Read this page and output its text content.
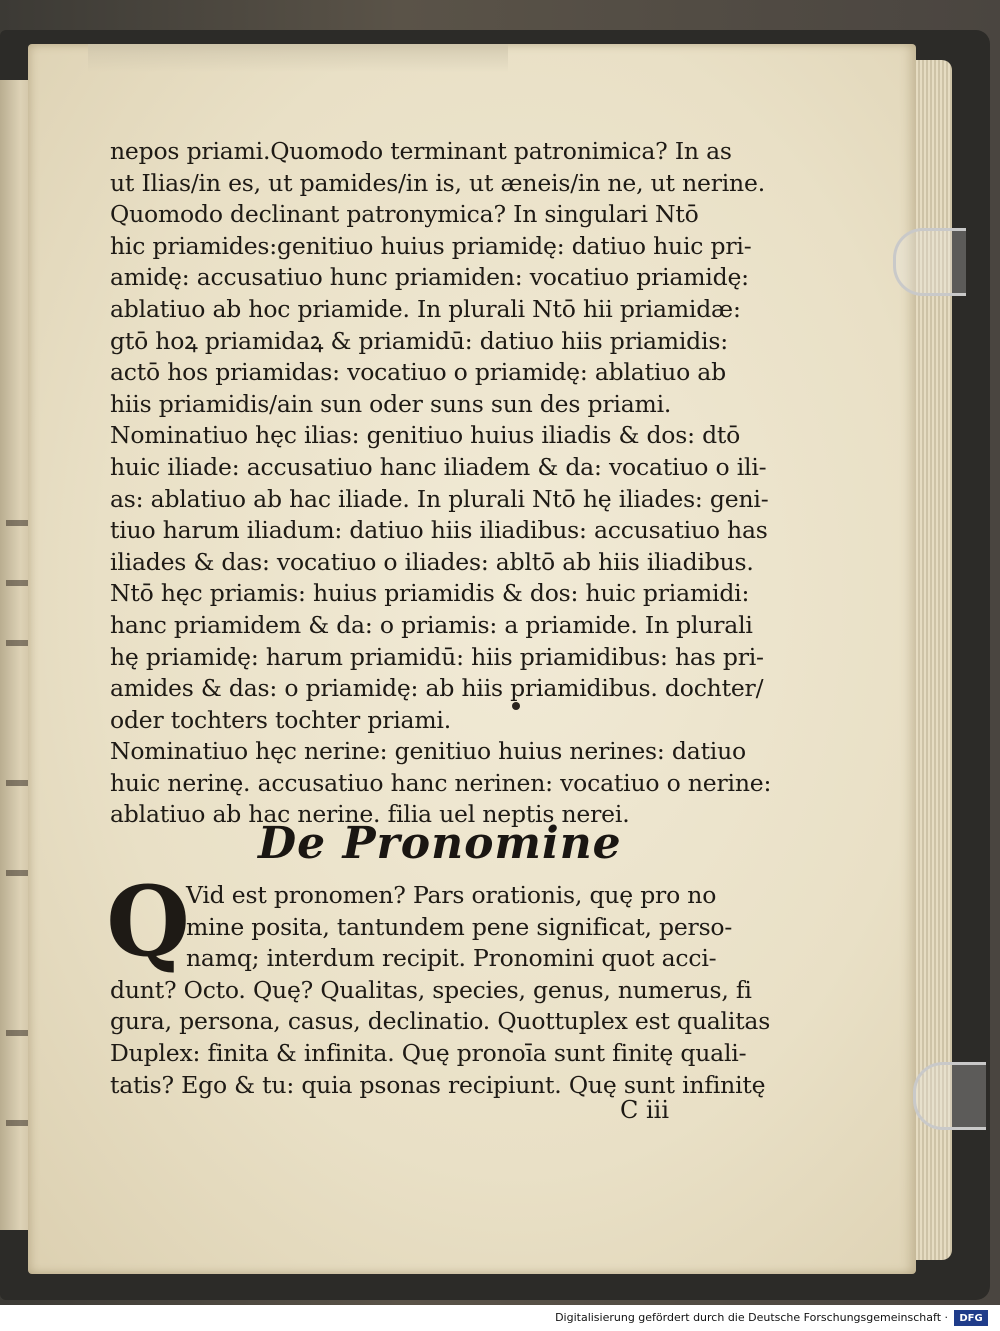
nepos priami.Quomodo terminant patronimica? In as
ut Ilias/in es, ut pamides/in is, ut æneis/in ne, ut nerine.
Quomodo declinant patronymica? In singulari Ntō
hic priamides:genitiuo huius priamidę: datiuo huic pri-
amidę: accusatiuo hunc priamiden: vocatiuo priamidę:
ablatiuo ab hoc priamide. In plurali Ntō hii priamidæ:
gtō hoꝝ priamidaꝝ & priamidū: datiuo hiis priamidis:
actō hos priamidas: vocatiuo o priamidę: ablatiuo ab
hiis priamidis/ain sun oder suns sun des priami.
Nominatiuo hęc ilias: genitiuo huius iliadis & dos: dtō
huic iliade: accusatiuo hanc iliadem & da: vocatiuo o ili-
as: ablatiuo ab hac iliade. In plurali Ntō hę iliades: geni-
tiuo harum iliadum: datiuo hiis iliadibus: accusatiuo has
iliades & das: vocatiuo o iliades: abltō ab hiis iliadibus.
Ntō hęc priamis: huius priamidis & dos: huic priamidi:
hanc priamidem & da: o priamis: a priamide. In plurali
hę priamidę: harum priamidū: hiis priamidibus: has pri-
amides & das: o priamidę: ab hiis priamidibus. dochter/
oder tochters tochter priami.
Nominatiuo hęc nerine: genitiuo huius nerines: datiuo
huic nerinę. accusatiuo hanc nerinen: vocatiuo o nerine:
ablatiuo ab hac nerine. filia uel neptis nerei.
De Pronomine
Q
Vid est pronomen? Pars orationis, quę pro no
mine posita, tantundem pene significat, perso-
namq; interdum recipit. Pronomini quot acci-
dunt? Octo. Quę? Qualitas, species, genus, numerus, fi
gura, persona, casus, declinatio. Quottuplex est qualitas
Duplex: finita & infinita. Quę pronoīa sunt finitę quali-
tatis? Ego & tu: quia psonas recipiunt. Quę sunt infinitę
C iii
Digitalisierung gefördert durch die Deutsche Forschungsgemeinschaft ·	DFG
